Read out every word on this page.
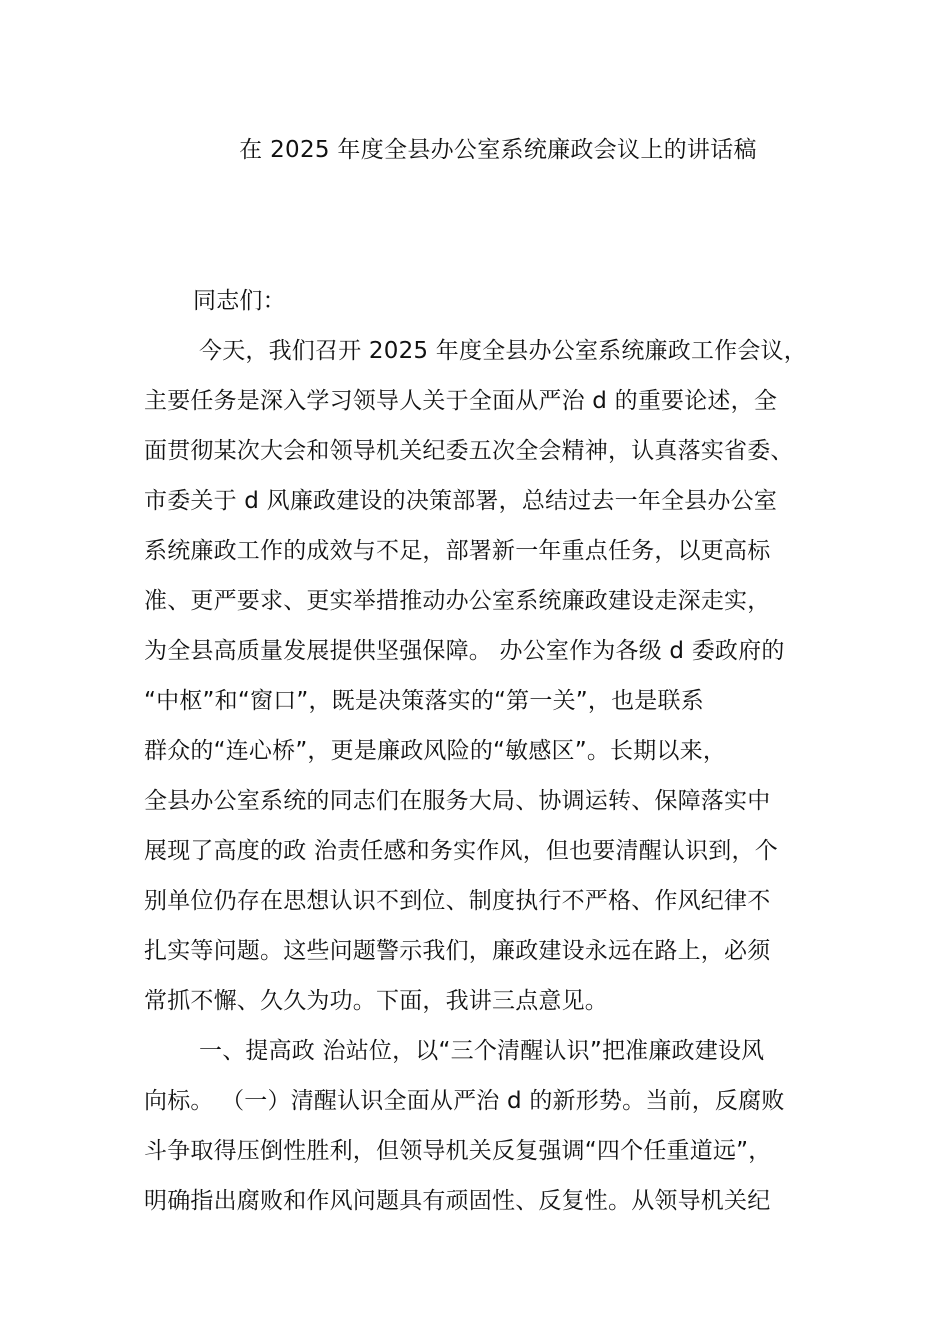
在 2025 年度全县办公室系统廉政会议上的讲话稿
同志们：
今天，我们召开 2025 年度全县办公室系统廉政工作会议，
主要任务是深入学习领导人关于全面从严治 d 的重要论述，全
面贯彻某次大会和领导机关纪委五次全会精神，认真落实省委、
市委关于 d 风廉政建设的决策部署，总结过去一年全县办公室
系统廉政工作的成效与不足，部署新一年重点任务，以更高标
准、更严要求、更实举措推动办公室系统廉政建设走深走实，
为全县高质量发展提供坚强保障。 办公室作为各级 d 委政府的
“中枢”和“窗口”，既是决策落实的“第一关”，也是联系
群众的“连心桥”，更是廉政风险的“敏感区”。长期以来，
全县办公室系统的同志们在服务大局、协调运转、保障落实中
展现了高度的政 治责任感和务实作风，但也要清醒认识到，个
别单位仍存在思想认识不到位、制度执行不严格、作风纪律不
扎实等问题。这些问题警示我们，廉政建设永远在路上，必须
常抓不懈、久久为功。下面，我讲三点意见。
一、提高政 治站位，以“三个清醒认识”把准廉政建设风
向标。 （一）清醒认识全面从严治 d 的新形势。当前，反腐败
斗争取得压倒性胜利，但领导机关反复强调“四个任重道远”，
明确指出腐败和作风问题具有顽固性、反复性。从领导机关纪
